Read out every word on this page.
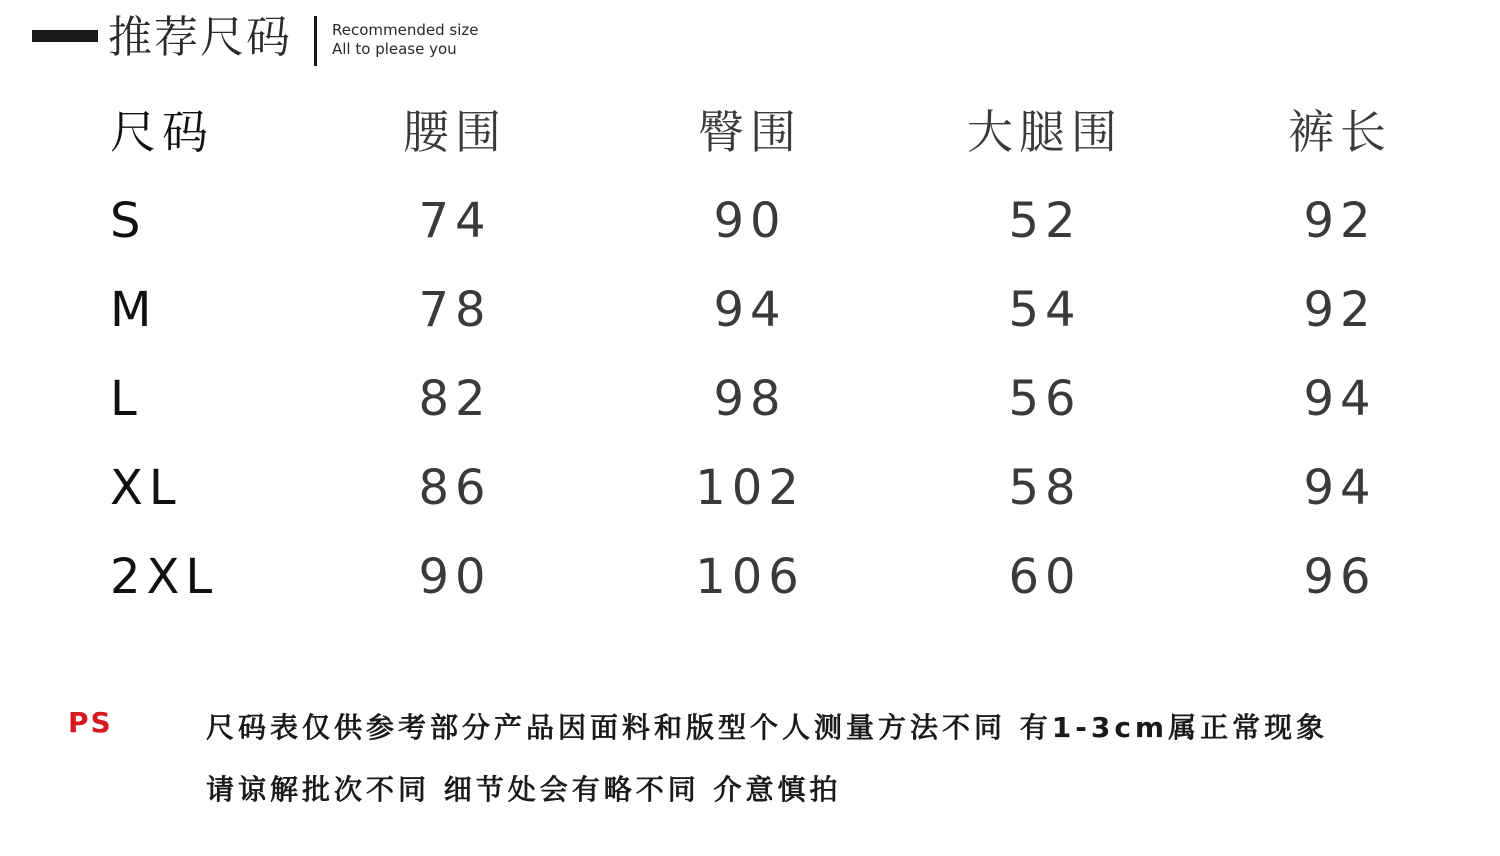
推荐尺码	Recommended size
All to please you
尺码	腰围	臀围	大腿围	裤长
S	74	90	52	92
M	78	94	54	92
L	82	98	56	94
XL	86	102	58	94
2XL	90	106	60	96
PS	尺码表仅供参考部分产品因面料和版型个人测量方法不同 有1-3cm属正常现象
请谅解批次不同 细节处会有略不同 介意慎拍
